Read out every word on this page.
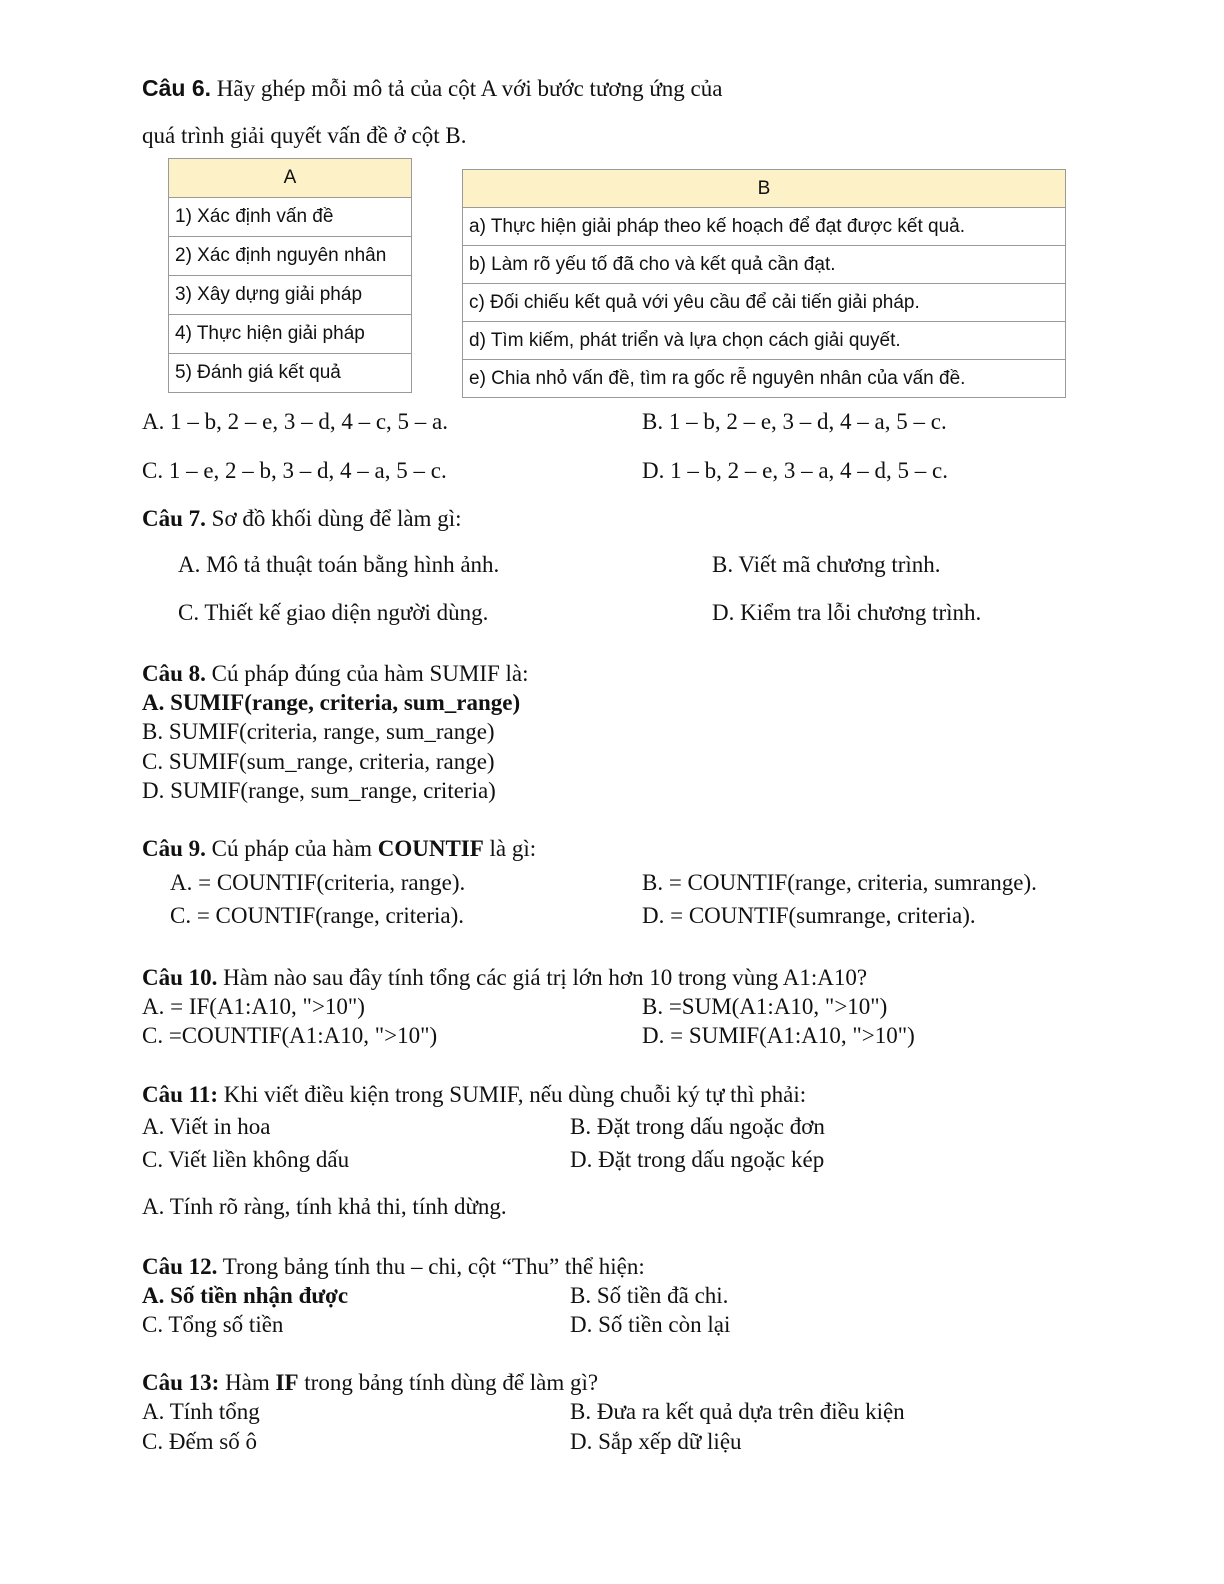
Câu 6. Hãy ghép mỗi mô tả của cột A với bước tương ứng của
quá trình giải quyết vấn đề ở cột B.
A
1) Xác định vấn đề
2) Xác định nguyên nhân
3) Xây dựng giải pháp
4) Thực hiện giải pháp
5) Đánh giá kết quả
B
a) Thực hiện giải pháp theo kế hoạch để đạt được kết quả.
b) Làm rõ yếu tố đã cho và kết quả cần đạt.
c) Đối chiếu kết quả với yêu cầu để cải tiến giải pháp.
d) Tìm kiếm, phát triển và lựa chọn cách giải quyết.
e) Chia nhỏ vấn đề, tìm ra gốc rễ nguyên nhân của vấn đề.
A. 1 – b, 2 – e, 3 – d, 4 – c, 5 – a.	B. 1 – b, 2 – e, 3 – d, 4 – a, 5 – c.
C. 1 – e, 2 – b, 3 – d, 4 – a, 5 – c.	D. 1 – b, 2 – e, 3 – a, 4 – d, 5 – c.
Câu 7. Sơ đồ khối dùng để làm gì:
A. Mô tả thuật toán bằng hình ảnh.	B. Viết mã chương trình.
C. Thiết kế giao diện người dùng.	D. Kiểm tra lỗi chương trình.
Câu 8. Cú pháp đúng của hàm SUMIF là:
A. SUMIF(range, criteria, sum_range)
B. SUMIF(criteria, range, sum_range)
C. SUMIF(sum_range, criteria, range)
D. SUMIF(range, sum_range, criteria)
Câu 9. Cú pháp của hàm COUNTIF là gì:
A. = COUNTIF(criteria, range).	B. = COUNTIF(range, criteria, sumrange).
C. = COUNTIF(range, criteria).	D. = COUNTIF(sumrange, criteria).
Câu 10. Hàm nào sau đây tính tổng các giá trị lớn hơn 10 trong vùng A1:A10?
A. = IF(A1:A10, ">10")	B. =SUM(A1:A10, ">10")
C. =COUNTIF(A1:A10, ">10")	D. = SUMIF(A1:A10, ">10")
Câu 11: Khi viết điều kiện trong SUMIF, nếu dùng chuỗi ký tự thì phải:
A. Viết in hoa	B. Đặt trong dấu ngoặc đơn
C. Viết liền không dấu	D. Đặt trong dấu ngoặc kép
A. Tính rõ ràng, tính khả thi, tính dừng.
Câu 12. Trong bảng tính thu – chi, cột “Thu” thể hiện:
A. Số tiền nhận được	B. Số tiền đã chi.
C. Tổng số tiền	D. Số tiền còn lại
Câu 13: Hàm IF trong bảng tính dùng để làm gì?
A. Tính tổng	B. Đưa ra kết quả dựa trên điều kiện
C. Đếm số ô	D. Sắp xếp dữ liệu
